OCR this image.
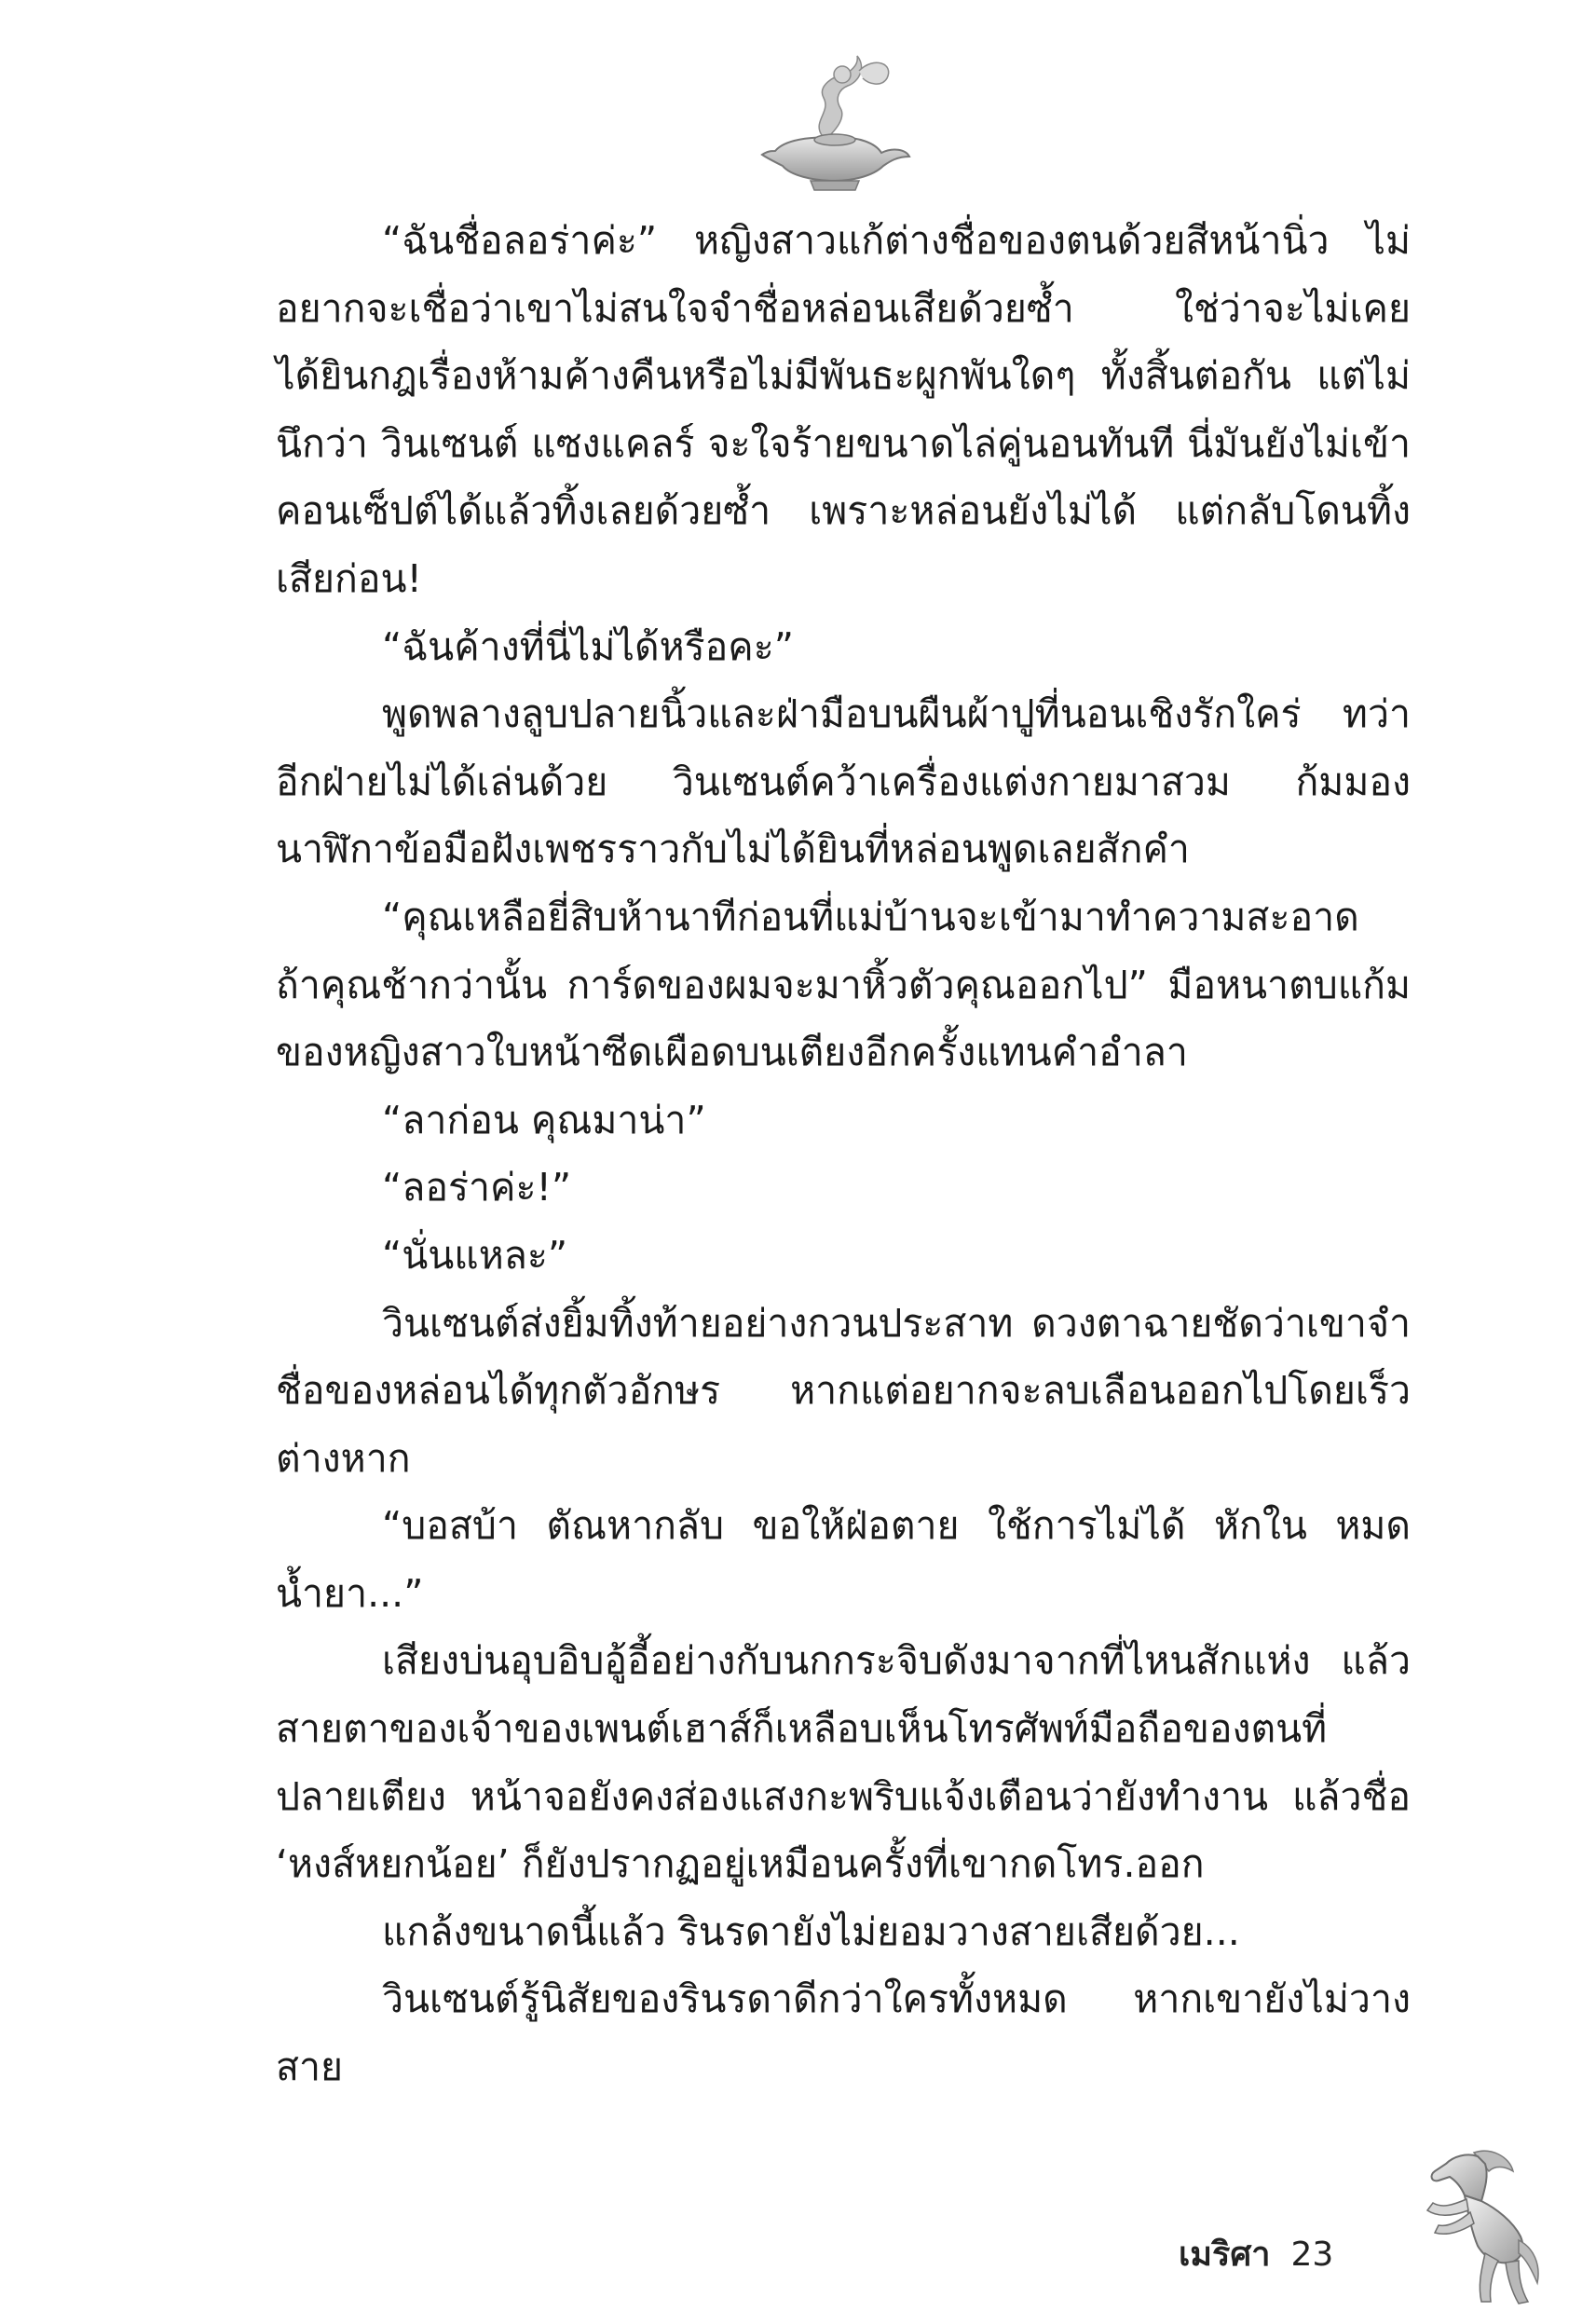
“ฉันชื่อลอร่าค่ะ” หญิงสาวแก้ต่างชื่อของตนด้วยสีหน้านิ่ว ไม่อยากจะเชื่อว่าเขาไม่สนใจจำชื่อหล่อนเสียด้วยซ้ำ ใช่ว่าจะไม่เคยได้ยินกฎเรื่องห้ามค้างคืนหรือไม่มีพันธะผูกพันใดๆ ทั้งสิ้นต่อกัน แต่ไม่นึกว่า วินเซนต์ แซงแคลร์ จะใจร้ายขนาดไล่คู่นอนทันที นี่มันยังไม่เข้าคอนเซ็ปต์ได้แล้วทิ้งเลยด้วยซ้ำ เพราะหล่อนยังไม่ได้ แต่กลับโดนทิ้งเสียก่อน!

“ฉันค้างที่นี่ไม่ได้หรือคะ”

พูดพลางลูบปลายนิ้วและฝ่ามือบนผืนผ้าปูที่นอนเชิงรักใคร่ ทว่าอีกฝ่ายไม่ได้เล่นด้วย วินเซนต์คว้าเครื่องแต่งกายมาสวม ก้มมองนาฬิกาข้อมือฝังเพชรราวกับไม่ได้ยินที่หล่อนพูดเลยสักคำ

“คุณเหลือยี่สิบห้านาทีก่อนที่แม่บ้านจะเข้ามาทำความสะอาด ถ้าคุณช้ากว่านั้น การ์ดของผมจะมาหิ้วตัวคุณออกไป” มือหนาตบแก้มของหญิงสาวใบหน้าซีดเผือดบนเตียงอีกครั้งแทนคำอำลา

“ลาก่อน คุณมาน่า”

“ลอร่าค่ะ!”

“นั่นแหละ”

วินเซนต์ส่งยิ้มทิ้งท้ายอย่างกวนประสาท ดวงตาฉายชัดว่าเขาจำชื่อของหล่อนได้ทุกตัวอักษร หากแต่อยากจะลบเลือนออกไปโดยเร็วต่างหาก

“บอสบ้า ตัณหากลับ ขอให้ฝ่อตาย ใช้การไม่ได้ หักใน หมดน้ำยา...”

เสียงบ่นอุบอิบอู้อี้อย่างกับนกกระจิบดังมาจากที่ไหนสักแห่ง แล้วสายตาของเจ้าของเพนต์เฮาส์ก็เหลือบเห็นโทรศัพท์มือถือของตนที่ปลายเตียง หน้าจอยังคงส่องแสงกะพริบแจ้งเตือนว่ายังทำงาน แล้วชื่อ ‘หงส์หยกน้อย’ ก็ยังปรากฏอยู่เหมือนครั้งที่เขากดโทร.ออก

แกล้งขนาดนี้แล้ว รินรดายังไม่ยอมวางสายเสียด้วย...

วินเซนต์รู้นิสัยของรินรดาดีกว่าใครทั้งหมด หากเขายังไม่วางสาย

เมริศา 23
